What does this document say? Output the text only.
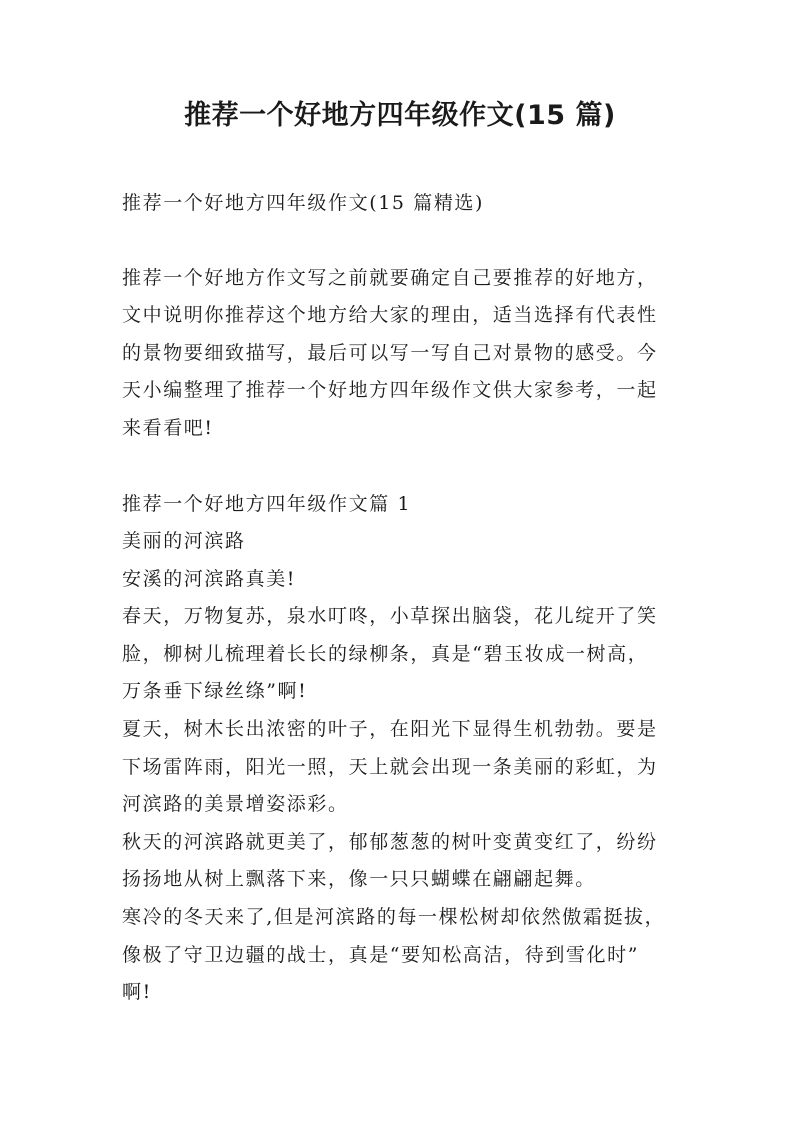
推荐一个好地方四年级作文(15 篇)
推荐一个好地方四年级作文(15 篇精选)
推荐一个好地方作文写之前就要确定自己要推荐的好地方，
文中说明你推荐这个地方给大家的理由，适当选择有代表性
的景物要细致描写，最后可以写一写自己对景物的感受。今
天小编整理了推荐一个好地方四年级作文供大家参考，一起
来看看吧!
推荐一个好地方四年级作文篇 1
美丽的河滨路
安溪的河滨路真美!
春天，万物复苏，泉水叮咚，小草探出脑袋，花儿绽开了笑
脸，柳树儿梳理着长长的绿柳条，真是“碧玉妆成一树高，
万条垂下绿丝绦”啊!
夏天，树木长出浓密的叶子，在阳光下显得生机勃勃。要是
下场雷阵雨，阳光一照，天上就会出现一条美丽的彩虹，为
河滨路的美景增姿添彩。
秋天的河滨路就更美了，郁郁葱葱的树叶变黄变红了，纷纷
扬扬地从树上飘落下来，像一只只蝴蝶在翩翩起舞。
寒冷的冬天来了,但是河滨路的每一棵松树却依然傲霜挺拔，
像极了守卫边疆的战士，真是“要知松高洁，待到雪化时”
啊!
